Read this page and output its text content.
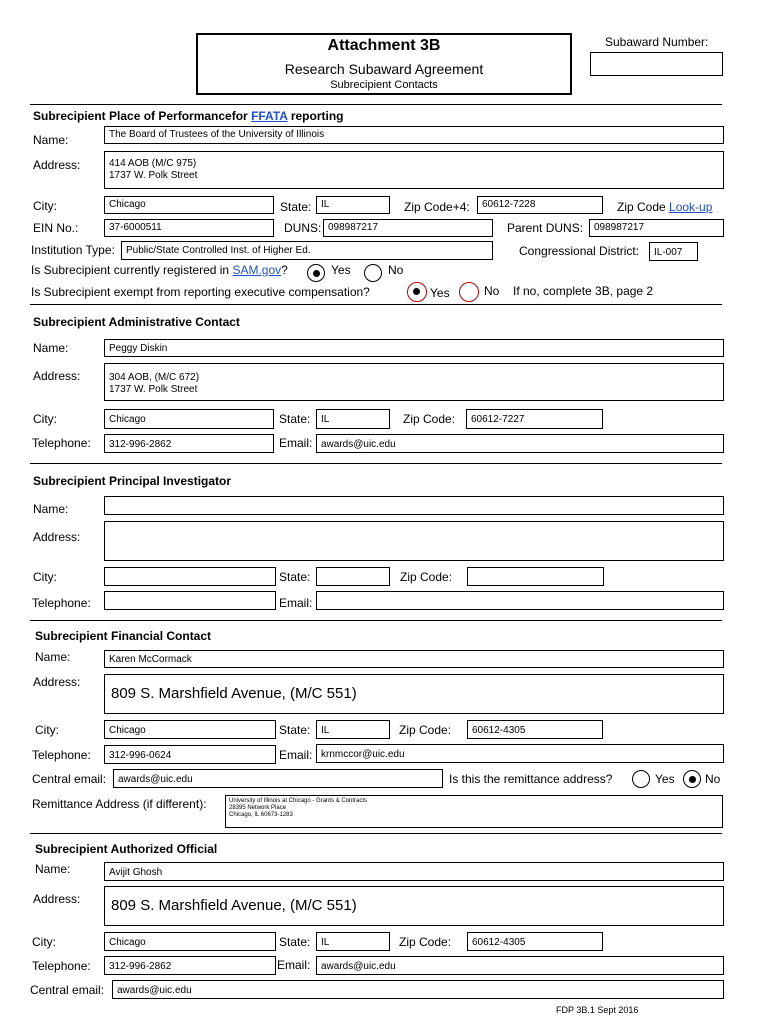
Attachment 3B
Research Subaward Agreement
Subrecipient Contacts
Subaward Number:
Subrecipient Place of Performancefor FFATA reporting
Name:	The Board of Trustees of the University of Illinois
Address:	414 AOB (M/C 975)
1737 W. Polk Street
City:	Chicago	State: IL	Zip Code+4:	60612-7228	Zip Code Look-up
EIN No.:	37-6000511	DUNS: 098987217	Parent DUNS:	098987217
Institution Type:	Public/State Controlled Inst. of Higher Ed.	Congressional District:	IL-007
Is Subrecipient currently registered in SAM.gov?	Yes	No
Is Subrecipient exempt from reporting executive compensation?	Yes	No If no, complete 3B, page 2
Subrecipient Administrative Contact
Name:	Peggy Diskin
Address:	304 AOB, (M/C 672)
1737 W. Polk Street
City:	Chicago	State:	IL	Zip Code:	60612-7227
Telephone:	312-996-2862	Email: awards@uic.edu
Subrecipient Principal Investigator
Name:
Address:
City:	State:	Zip Code:
Telephone:	Email:
Subrecipient Financial Contact
Name:	Karen McCormack
Address:
809 S. Marshfield Avenue, (M/C 551)
City:	Chicago	State:	IL	Zip Code:	60612-4305
Telephone:	312-996-0624	Email: krnmccor@uic.edu
Central email:	awards@uic.edu	Is this the remittance address?	Yes	No
Remittance Address (if different):	University of Illinois at Chicago - Grants & Contracts
28395 Network Place
Chicago, IL 60673-1283
Subrecipient Authorized Official
Name:	Avijit Ghosh
Address:	809 S. Marshfield Avenue, (M/C 551)
City:	Chicago	State:	IL	Zip Code:	60612-4305
Telephone:	312-996-2862	Email:	awards@uic.edu
Central email:	awards@uic.edu
FDP 3B.1 Sept 2016
